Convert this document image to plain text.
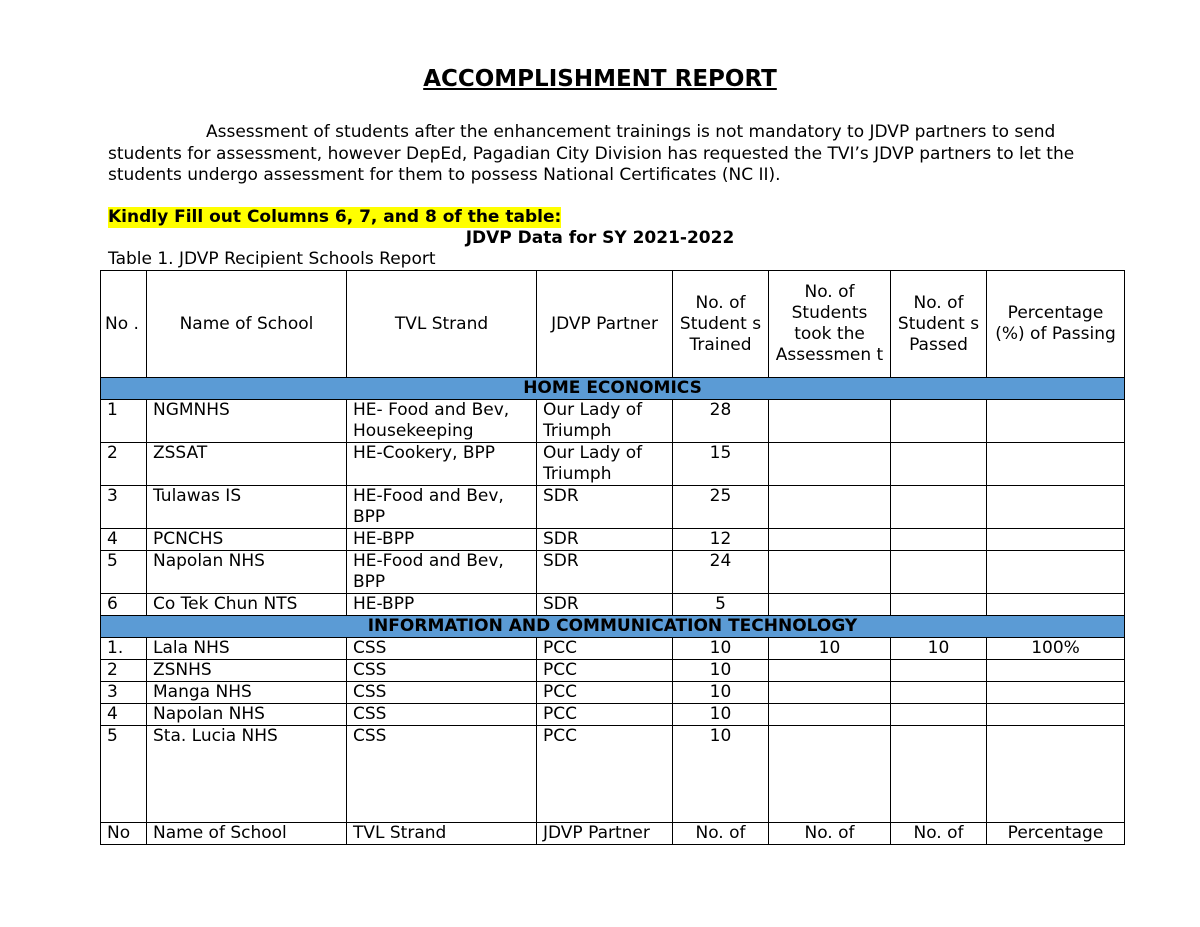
ACCOMPLISHMENT REPORT
Assessment of students after the enhancement trainings is not mandatory to JDVP partners to send students for assessment, however DepEd, Pagadian City Division has requested the TVI’s JDVP partners to let the students undergo assessment for them to possess National Certificates (NC II).
Kindly Fill out Columns 6, 7, and 8 of the table:
JDVP Data for SY 2021-2022
Table 1. JDVP Recipient Schools Report
No .	Name of School	TVL Strand	JDVP Partner	No. of Student s Trained	No. of Students took the Assessmen t	No. of Student s Passed	Percentage (%) of Passing
HOME ECONOMICS							
1	NGMNHS	HE- Food and Bev, Housekeeping	Our Lady of Triumph	28			
2	ZSSAT	HE-Cookery, BPP	Our Lady of Triumph	15			
3	Tulawas IS	HE-Food and Bev, BPP	SDR	25			
4	PCNCHS	HE-BPP	SDR	12			
5	Napolan NHS	HE-Food and Bev, BPP	SDR	24			
6	Co Tek Chun NTS	HE-BPP	SDR	5			
INFORMATION AND COMMUNICATION TECHNOLOGY							
1.	Lala NHS	CSS	PCC	10	10	10	100%
2	ZSNHS	CSS	PCC	10			
3	Manga NHS	CSS	PCC	10			
4	Napolan NHS	CSS	PCC	10			
5	Sta. Lucia NHS	CSS	PCC	10			
No	Name of School	TVL Strand	JDVP Partner	No. of	No. of	No. of	Percentage
